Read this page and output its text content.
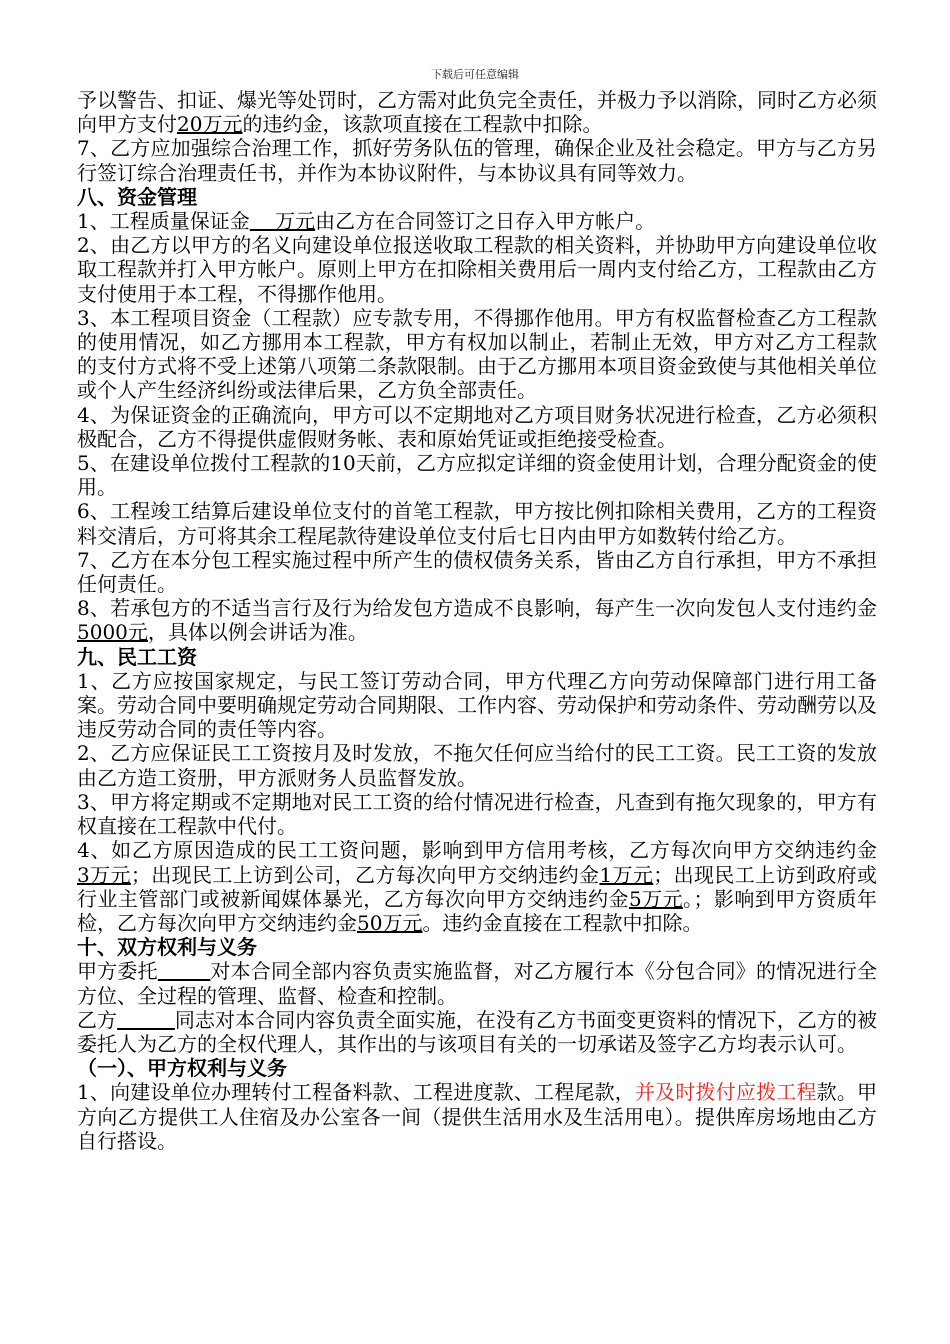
下载后可任意编辑

予以警告、扣证、爆光等处罚时，乙方需对此负完全责任，并极力予以消除，同时乙方必须向甲方支付20万元的违约金，该款项直接在工程款中扣除。

7、乙方应加强综合治理工作，抓好劳务队伍的管理，确保企业及社会稳定。甲方与乙方另行签订综合治理责任书，并作为本协议附件，与本协议具有同等效力。

八、资金管理

1、工程质量保证金    万元由乙方在合同签订之日存入甲方帐户。

2、由乙方以甲方的名义向建设单位报送收取工程款的相关资料，并协助甲方向建设单位收取工程款并打入甲方帐户。原则上甲方在扣除相关费用后一周内支付给乙方，工程款由乙方支付使用于本工程，不得挪作他用。

3、本工程项目资金（工程款）应专款专用，不得挪作他用。甲方有权监督检查乙方工程款的使用情况，如乙方挪用本工程款，甲方有权加以制止，若制止无效，甲方对乙方工程款 的支付方式将不受上述第八项第二条款限制。由于乙方挪用本项目资金致使与其他相关单位或个人产生经济纠纷或法律后果，乙方负全部责任。

4、为保证资金的正确流向，甲方可以不定期地对乙方项目财务状况进行检查，乙方必须积极配合，乙方不得提供虚假财务帐、表和原始凭证或拒绝接受检查。

5、在建设单位拨付工程款的10天前，乙方应拟定详细的资金使用计划，合理分配资金的使用。

6、工程竣工结算后建设单位支付的首笔工程款，甲方按比例扣除相关费用，乙方的工程资料交清后，方可将其余工程尾款待建设单位支付后七日内由甲方如数转付给乙方。

7、乙方在本分包工程实施过程中所产生的债权债务关系，皆由乙方自行承担，甲方不承担任何责任。

8、若承包方的不适当言行及行为给发包方造成不良影响，每产生一次向发包人支付违约金5000元，具体以例会讲话为准。

九、民工工资

1、乙方应按国家规定，与民工签订劳动合同，甲方代理乙方向劳动保障部门进行用工备案。劳动合同中要明确规定劳动合同期限、工作内容、劳动保护和劳动条件、劳动酬劳以及违反劳动合同的责任等内容。

2、乙方应保证民工工资按月及时发放，不拖欠任何应当给付的民工工资。民工工资的发放由乙方造工资册，甲方派财务人员监督发放。

3、甲方将定期或不定期地对民工工资的给付情况进行检查，凡查到有拖欠现象的，甲方有权直接在工程款中代付。

4、如乙方原因造成的民工工资问题，影响到甲方信用考核，乙方每次向甲方交纳违约金3万元；出现民工上访到公司，乙方每次向甲方交纳违约金1万元；出现民工上访到政府或行业主管部门或被新闻媒体暴光，乙方每次向甲方交纳违约金5万元。；影响到甲方资质年检，乙方每次向甲方交纳违约金50万元。违约金直接在工程款中扣除。

十、双方权利与义务

甲方委托	对本合同全部内容负责实施监督，对乙方履行本《分包合同》的情况进行全方位、全过程的管理、监督、检查和控制。

乙方	同志对本合同内容负责全面实施，在没有乙方书面变更资料的情况下，乙方的被委托人为乙方的全权代理人，其作出的与该项目有关的一切承诺及签字乙方均表示认可。

（一）、甲方权利与义务

1、向建设单位办理转付工程备料款、工程进度款、工程尾款，并及时拨付应拨工程款。甲方向乙方提供工人住宿及办公室各一间（提供生活用水及生活用电）。提供库房场地由乙方自行搭设。
